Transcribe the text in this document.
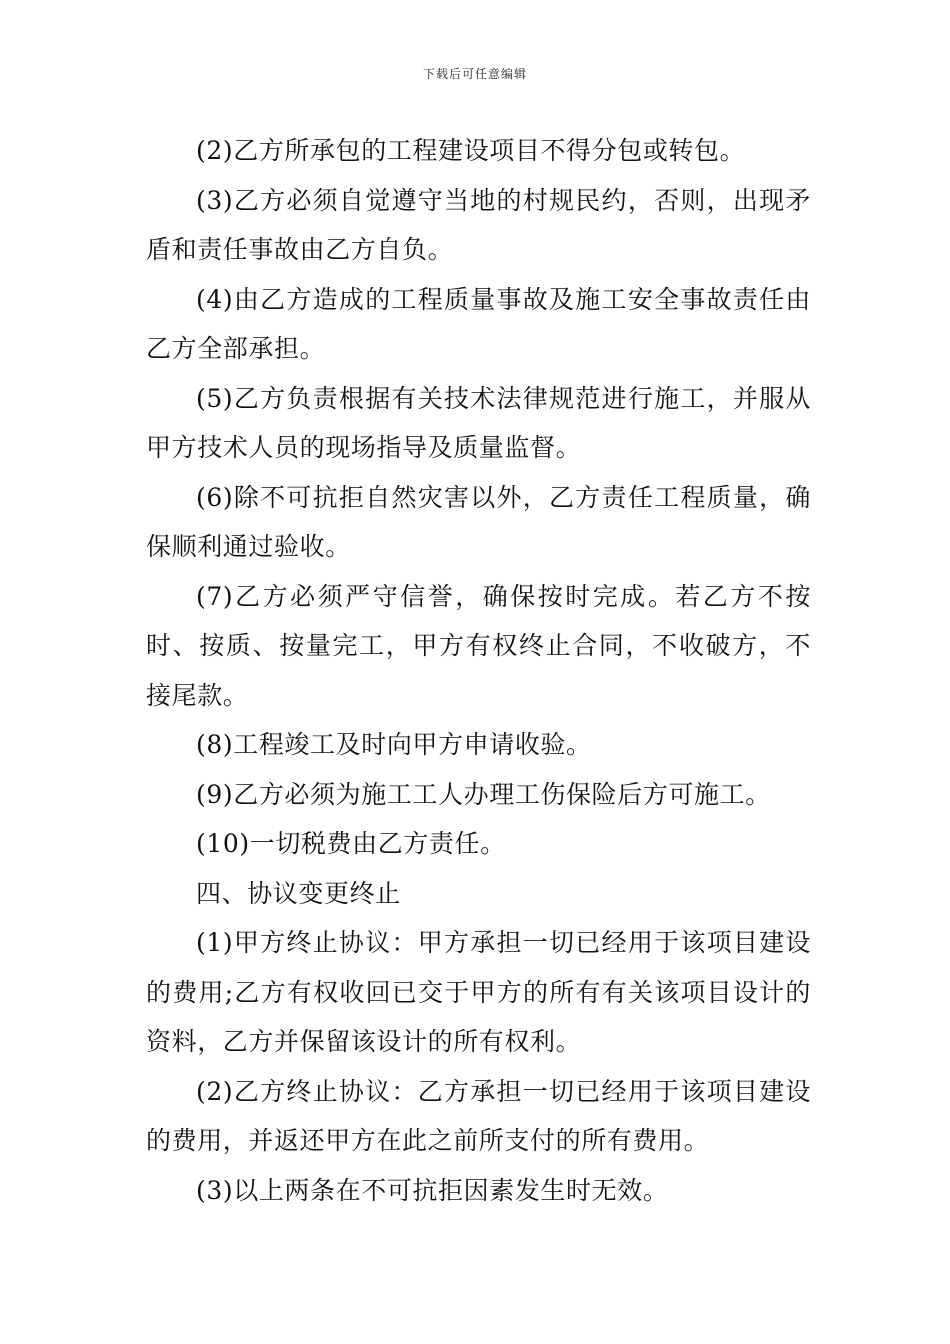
下载后可任意编辑

(2)乙方所承包的工程建设项目不得分包或转包。

(3)乙方必须自觉遵守当地的村规民约，否则，出现矛盾和责任事故由乙方自负。

(4)由乙方造成的工程质量事故及施工安全事故责任由乙方全部承担。

(5)乙方负责根据有关技术法律规范进行施工，并服从甲方技术人员的现场指导及质量监督。

(6)除不可抗拒自然灾害以外，乙方责任工程质量，确保顺利通过验收。

(7)乙方必须严守信誉，确保按时完成。若乙方不按时、按质、按量完工，甲方有权终止合同，不收破方，不接尾款。

(8)工程竣工及时向甲方申请收验。

(9)乙方必须为施工工人办理工伤保险后方可施工。

(10)一切税费由乙方责任。

四、协议变更终止

(1)甲方终止协议：甲方承担一切已经用于该项目建设的费用;乙方有权收回已交于甲方的所有有关该项目设计的资料，乙方并保留该设计的所有权利。

(2)乙方终止协议：乙方承担一切已经用于该项目建设的费用，并返还甲方在此之前所支付的所有费用。

(3)以上两条在不可抗拒因素发生时无效。
